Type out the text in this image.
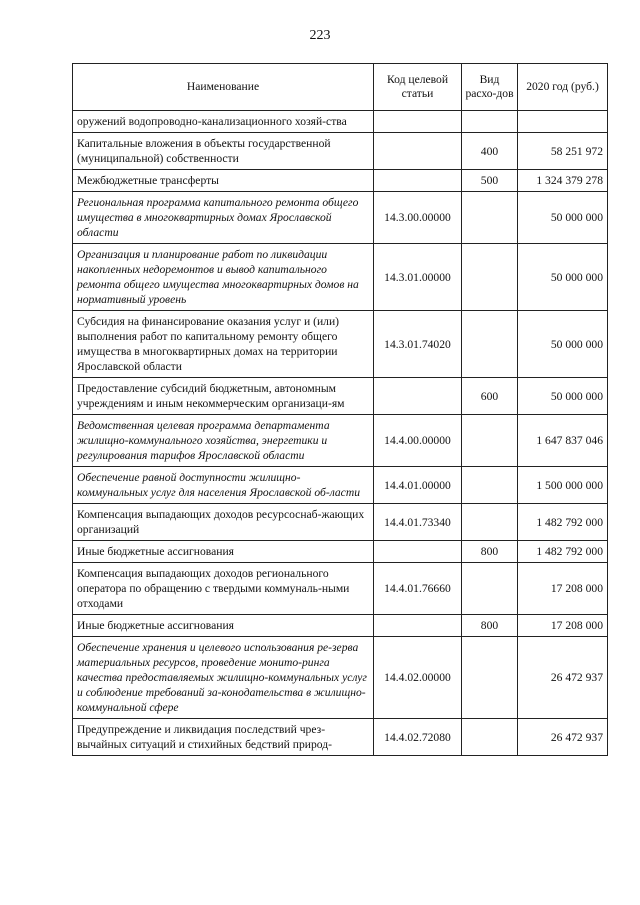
223
Наименование	Код целевой статьи	Вид расхо-дов	2020 год (руб.)
оружений водопроводно-канализационного хозяй-ства			
Капитальные вложения в объекты государственной (муниципальной) собственности		400	58 251 972
Межбюджетные трансферты		500	1 324 379 278
Региональная программа капитального ремонта общего имущества в многоквартирных домах Ярославской области	14.3.00.00000		50 000 000
Организация и планирование работ по ликвидации накопленных недоремонтов и вывод капитального ремонта общего имущества многоквартирных домов на нормативный уровень	14.3.01.00000		50 000 000
Субсидия на финансирование оказания услуг и (или) выполнения работ по капитальному ремонту общего имущества в многоквартирных домах на территории Ярославской области	14.3.01.74020		50 000 000
Предоставление субсидий бюджетным, автономным учреждениям и иным некоммерческим организаци-ям		600	50 000 000
Ведомственная целевая программа департамента жилищно-коммунального хозяйства, энергетики и регулирования тарифов Ярославской области	14.4.00.00000		1 647 837 046
Обеспечение равной доступности жилищно-коммунальных услуг для населения Ярославской об-ласти	14.4.01.00000		1 500 000 000
Компенсация выпадающих доходов ресурсоснаб-жающих организаций	14.4.01.73340		1 482 792 000
Иные бюджетные ассигнования		800	1 482 792 000
Компенсация выпадающих доходов регионального оператора по обращению с твердыми коммуналь-ными отходами	14.4.01.76660		17 208 000
Иные бюджетные ассигнования		800	17 208 000
Обеспечение хранения и целевого использования ре-зерва материальных ресурсов, проведение монито-ринга качества предоставляемых жилищно-коммунальных услуг и соблюдение требований за-конодательства в жилищно-коммунальной сфере	14.4.02.00000		26 472 937
Предупреждение и ликвидация последствий чрез-вычайных ситуаций и стихийных бедствий природ-	14.4.02.72080		26 472 937
